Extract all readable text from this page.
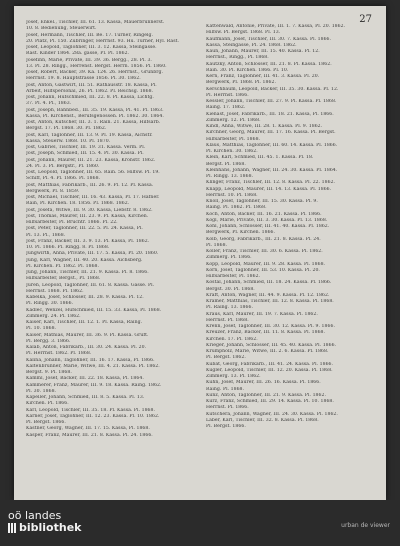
27
Josef, Enkel., Tischler, III. 61. 13. Kassa, Mauerbrunnerst.
10. 8. Bedienung, Steuerwirt.
Josef, Hermann, Tischler, III. Be. 17. Turner, Ringelg.
20. Platz, Pl. 150. Zubringer, Herrnst. 93. Hu. Turner, Hyl. Rast.
Josef, Leopold, Taglöhner, III. 3. 12. Kassa, Steingasse.
Rast. Kinder 1864. 28a. gasse, Pl. Pl. 1862.
Josefinn, Marie, Private, III. 39. 36. Bergg., 28. Pl. 3.
13. Pl. 28. Ringg., Herrenst. Bergst. Herrn. 1856. Pl. 1860.
Josef, Robert, Bäcker, 39. Ka. 124. 26. Herrnst., Grünbrg.
Herrnst. 19. 8. Hauptstrasse 1856. Pl. 30. 1862.
Jost, Anton, Gastwirt, III. 51. Rathausstr. 18. Kassa, Pl.
Arbeit, Hilfspersonal, 26. Pl. 1862. Pl. Reichsg. 1868.
Jost, Johann, Hufschmied, III. 22. 8. Pl. Kassa, Lichtg.
37. Pl. 4. Pl., 1863.
Jost, Joseph, Bahnbed., III. 35. 19. Kassa, Pl. 41. Pl. 1863.
Kassa, Pl. Kirchenst., Berufsgenossen. Pl. 1862. 30. 1864.
Jost, Anton, Kutscher, III. 3. 1. Rain. 21. Kassa, Hilfsarb.
Bergst. 17. Pl. 1868. 30. Pl. 1862.
Jost, Karl, Taglöhner, III. 13. 9. Pl. 19. Kassa, Aichstr.
Kassa, Steuerw. 1868. 10. Pl. 1870.
Jost, Gabriel, Tischler, III. 19. 31. Kassa. Verm. Pl.
Jost, Joseph, Schmied, III. 15. 4. Pl. 30. Kassa. Pl.
Jost, Johann, Maurer, III. 21. 23. Kassa, Kronstr. 1862.
24. Pl. 3. Pl. Bergstr., Pl. 1860.
Jost, Leopold, Taglöhner, III. 65. Rain. 56. Hilfsw. Pl. 19.
Schiff, Pl. 4. Pl. 1866. Pl. 1868.
Jost, Matthias, Fabrikarb., III. 26. 9. Pl. 12. Pl. Kassa.
Bergwerk, Pl. 8. 1859.
Jost, Michael, Tischler, III. 16. 43. Kassa, Pl. 17. Hafner.
Rain, Pl. Kirchen. 18. 1856. Pl. 1868. 1862.
Jost, Josefa, Witwe, III. 9. 30. Kassa, Liebstr. 8. 1862.
Jost, Thomas, Maurer, III. 23. 9. Pl. Kassa, Kirchen.
Hilfsarbeiter, Pl. Bruchtr. 1866. Pl. 22.
Jost, Peter, Taglöhner, III. 22. 5. Pl. 24. Kassa, Pl.
Pl. 13. Pl., 1868.
Jost, Franz, Bäcker, III. 3. 9. 13. Pl. Kassa, Pl. 1862.
10. Pl. 1866. Pl. Ringg. 8. Pl. 1868.
Jungwirth, Anna, Private, III. 17. 5. Kassa, Pl. 20. 1860.
Jung, Karl, Wagner, III. 40. 20. Kassa. Aichsberg.
Pl. Kirchen. Pl. 1862. Pl. 1868.
Jung, Johann, Tischler, III. 21. 9. Kassa. Pl. 8. 1866.
Hilfsarbeiter, Bergst., Pl. 1868.
Juren, Leopold, Taglöhner, III. 61. 8. Kassa. Gasse. Pl.
Herrnst. 1868. Pl. 1862.
Kabelka, Josef, Schlosser, III. 28. 9. Kassa. Pl. 12.
Pl. Ringg. 30. 1866.
Kadlec, Wenzel, Hufschmied, III. 15. 33. Kassa, Pl. 1868.
Zimmerg. 24. Pl. 1862.
Kaiser, Karl, Tischler, III. 12. 1. Pl. Kassa, Raing.
Pl. 10. 1868.
Kaiser, Mathias, Maurer, III. 36. 9. Pl. Kassa. Gruft.
Pl. Bergg. 3. 1866.
Kalab, Anton, Fabrikarb., III. 30. 24. Kassa. Pl. 20.
Pl. Herrnst. 1862. Pl. 1868.
Kalina, Johann, Taglöhner, III. 16. 17. Kassa, Pl. 1866.
Kaltenbrunner, Marie, Witwe, III. 4. 21. Kassa. Pl. 1862.
Bergst. 9. Pl. 1868.
Kamml, Josef, Bäcker, III. 22. 18. Kassa, Pl. 1864.
Kammerer, Franz, Maurer, III. 9. 18. Kassa. Raing. 1862.
Pl. 30. 1868.
Kapeller, Johann, Schmied, III. 8. 5. Kassa. Pl. 13.
Kirchen. Pl. 1866.
Karl, Leopold, Tischler, III. 35. 18. Pl. Kassa. Pl. 1868.
Karner, Josef, Taglöhner, III. 12. 23. Kassa. Pl. 10. 1862.
Pl. Bergst. 1866.
Kastner, Georg, Wagner, III. 17. 15. Kassa, Pl. 1868.
Kasper, Franz, Maurer, III. 21. 8. Kassa. Pl. 24. 1866.
Kattenwald, Antonie, Private, III. 1. 7. Kassa, Pl. 20. 1862.
Hilfsw. Pl. Bergst. 1868. Pl. 13.
Kaufmann, Josef, Tischler, III. 30. 7. Kassa. Pl. 1866.
Kassa, Steingasse, Pl. 24. 1868. 1862.
Kaun, Johann, Maurer, III. 15. 40. Kassa. Pl. 12.
Herrnst., Ringg., Pl. 1868.
Kautzky, Anton, Schlosser, III. 21. 8. Pl. Kassa. 1862.
Rain. 30. Pl. Kirchen. 1866. Pl. 10.
Kern, Franz, Taglöhner, III. 41. 3. Kassa. Pl. 20.
Bergwerk, Pl. 1868. Pl. 1862.
Kerschbaum, Leopold, Bäcker, III. 35. 30. Kassa. Pl. 12.
Pl. Herrnst. 1866.
Kessler, Johann, Tischler, III. 27. 9. Pl. Kassa. Pl. 1868.
Raing. 17. 1862.
Kienast, Josef, Fabrikarb., III. 18. 21. Kassa, Pl. 1866.
Zimmerg. 12. Pl. 1868.
Kindl, Anna, Witwe, III. 28. 1. Kassa. Pl. 9. 1862.
Kirchner, Georg, Maurer, III. 17. 16. Kassa. Pl. Bergst.
Hilfsarbeiter, Pl. 1868.
Klaus, Matthias, Taglöhner, III. 60. 14. Kassa. Pl. 1866.
Pl. Kirchen. 30. 1862.
Klein, Karl, Schmied, III. 45. 1. Kassa. Pl. 18.
Bergst. Pl. 1868.
Kleinhans, Johann, Wagner, III. 24. 30. Kassa. Pl. 1864.
Pl. Ringg. 13. 1868.
Klinger, Franz, Tischler, III. 12. 8. Kassa. Pl. 22. 1862.
Knapp, Leopold, Maurer, III. 14. 13. Kassa. Pl. 1866.
Herrnst. 10. Pl. 1868.
Knoll, Josef, Taglöhner, III. 15. 30. Kassa. Pl. 9.
Raing. Pl. 1862. Pl. 1868.
Koch, Anton, Bäcker, III. 16. 21. Kassa. Pl. 1866.
Kögl, Marie, Private, III. 3. 30. Kassa. Pl. 13. 1868.
Kohl, Johann, Schlosser, III. 41. 40. Kassa. Pl. 1862.
Bergwerk, Pl. Kirchen. 1866.
Kolb, Georg, Fabrikarb., III. 21. 8. Kassa. Pl. 24.
Pl. 1868.
Koller, Franz, Tischler, III. 30. 6. Kassa. Pl. 1862.
Zimmerg. Pl. 1866.
Kopp, Leopold, Maurer, III. 9. 28. Kassa. Pl. 1868.
Korn, Josef, Taglöhner, III. 53. 10. Kassa. Pl. 20.
Hilfsarbeiter, Pl. 1862.
Kostal, Johann, Schmied, III. 18. 24. Kassa. Pl. 1866.
Bergst. 30. Pl. 1868.
Kraft, Anton, Wagner, III. 44. 9. Kassa. Pl. 12. 1862.
Kramer, Matthias, Tischler, III. 12. 8. Kassa. Pl. 1868.
Pl. Raing. 13. 1866.
Kraus, Karl, Maurer, III. 19. 7. Kassa. Pl. 1862.
Herrnst. Pl. 1868.
Krenn, Josef, Taglöhner, III. 30. 12. Kassa. Pl. 9. 1866.
Kreuzer, Franz, Bäcker, III. 11. 8. Kassa. Pl. 1868.
Kirchen. 17. Pl. 1862.
Krieger, Johann, Schlosser, III. 45. 40. Kassa. Pl. 1866.
Krumpholz, Marie, Witwe, III. 2. 6. Kassa. Pl. 1868.
Pl. Bergst. 1862.
Kubat, Georg, Fabrikarb., III. 41. 24. Kassa. Pl. 1866.
Kugler, Leopold, Tischler, III. 12. 20. Kassa. Pl. 1868.
Zimmerg. 13. Pl. 1862.
Kühn, Josef, Maurer, III. 26. 16. Kassa. Pl. 1866.
Raing. Pl. 1868.
Kunz, Anton, Taglöhner, III. 21. 9. Kassa. Pl. 1862.
Kurz, Franz, Schmied, III. 29. 14. Kassa. Pl. 10. 1868.
Herrnst. Pl. 1866.
Kutschera, Johann, Wagner, III. 24. 30. Kassa. Pl. 1862.
Laber, Karl, Tischler, III. 32. 8. Kassa. Pl. 1868.
Pl. Bergst. 1866.
oö landes
bibliothek	urban de viewer
